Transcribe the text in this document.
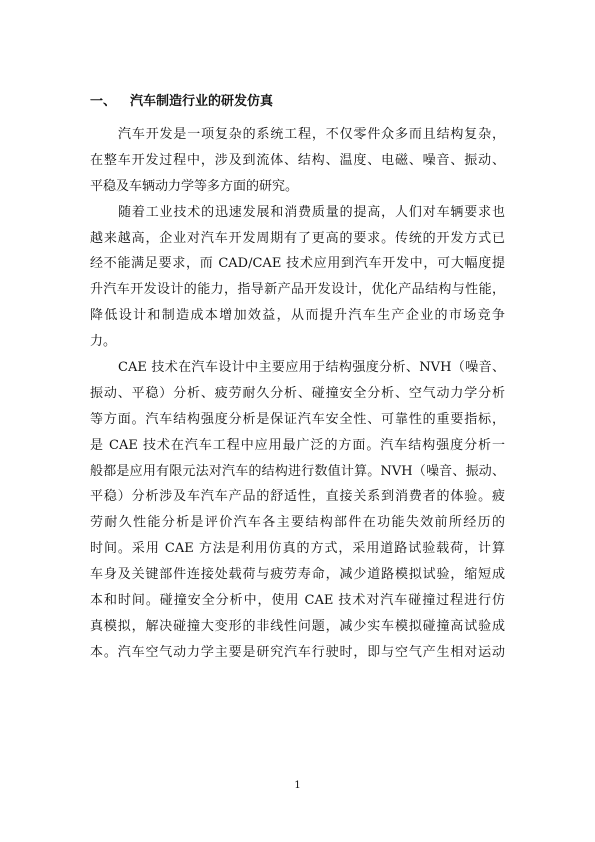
一、 汽车制造行业的研发仿真
汽车开发是一项复杂的系统工程，不仅零件众多而且结构复杂，
在整车开发过程中，涉及到流体、结构、温度、电磁、噪音、振动、
平稳及车辆动力学等多方面的研究。
随着工业技术的迅速发展和消费质量的提高，人们对车辆要求也
越来越高，企业对汽车开发周期有了更高的要求。传统的开发方式已
经不能满足要求，而 CAD/CAE 技术应用到汽车开发中，可大幅度提
升汽车开发设计的能力，指导新产品开发设计，优化产品结构与性能，
降低设计和制造成本增加效益，从而提升汽车生产企业的市场竞争
力。
CAE 技术在汽车设计中主要应用于结构强度分析、NVH（噪音、
振动、平稳）分析、疲劳耐久分析、碰撞安全分析、空气动力学分析
等方面。汽车结构强度分析是保证汽车安全性、可靠性的重要指标，
是 CAE 技术在汽车工程中应用最广泛的方面。汽车结构强度分析一
般都是应用有限元法对汽车的结构进行数值计算。NVH（噪音、振动、
平稳）分析涉及车汽车产品的舒适性，直接关系到消费者的体验。疲
劳耐久性能分析是评价汽车各主要结构部件在功能失效前所经历的
时间。采用 CAE 方法是利用仿真的方式，采用道路试验载荷，计算
车身及关键部件连接处载荷与疲劳寿命，减少道路模拟试验，缩短成
本和时间。碰撞安全分析中，使用 CAE 技术对汽车碰撞过程进行仿
真模拟，解决碰撞大变形的非线性问题，减少实车模拟碰撞高试验成
本。汽车空气动力学主要是研究汽车行驶时，即与空气产生相对运动
1
